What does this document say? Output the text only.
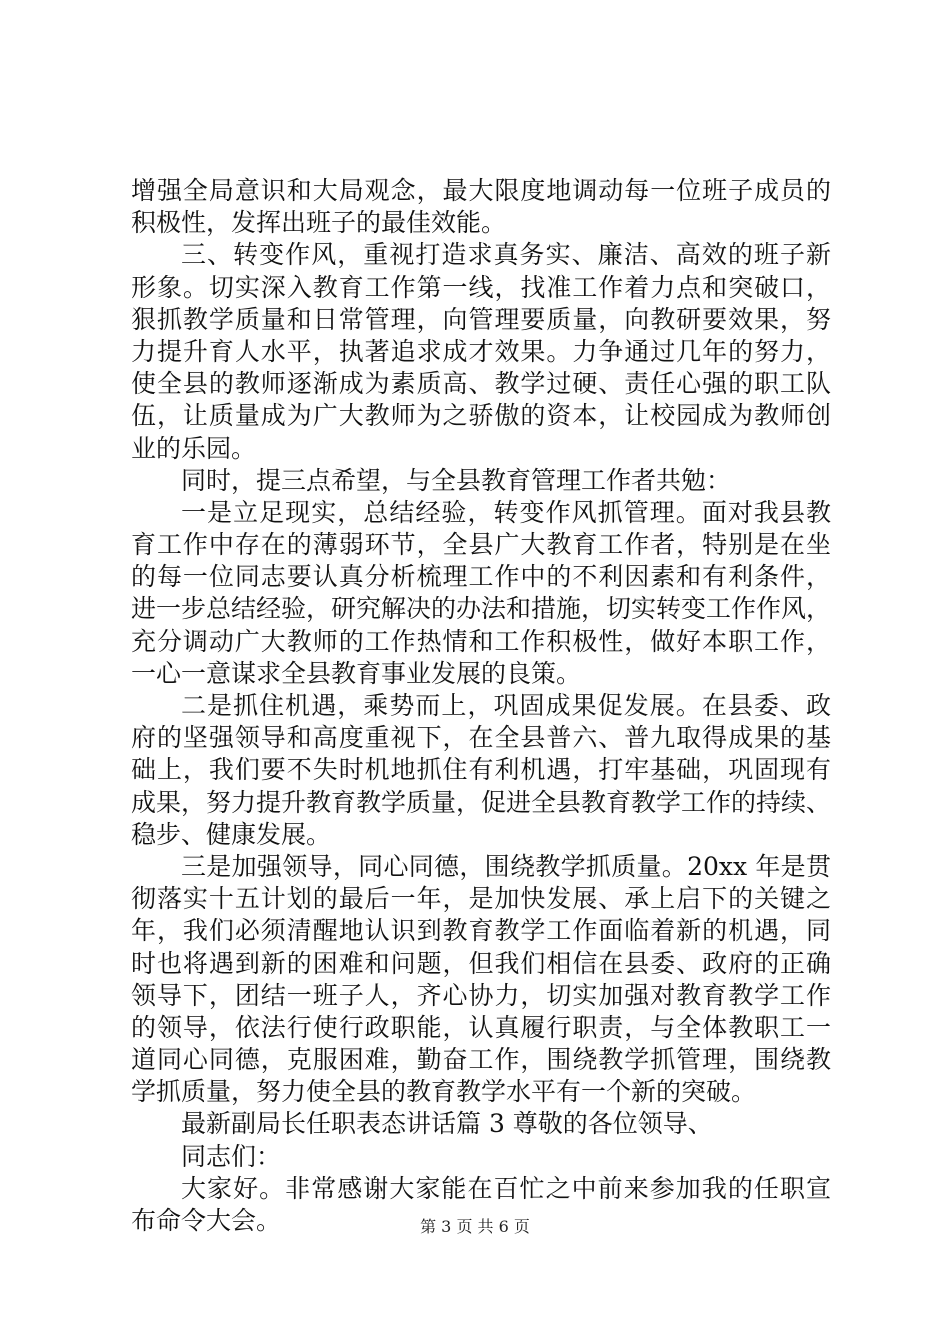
增强全局意识和大局观念，最大限度地调动每一位班子成员的
积极性，发挥出班子的最佳效能。
三、转变作风，重视打造求真务实、廉洁、高效的班子新
形象。切实深入教育工作第一线，找准工作着力点和突破口，
狠抓教学质量和日常管理，向管理要质量，向教研要效果，努
力提升育人水平，执著追求成才效果。力争通过几年的努力，
使全县的教师逐渐成为素质高、教学过硬、责任心强的职工队
伍，让质量成为广大教师为之骄傲的资本，让校园成为教师创
业的乐园。
同时，提三点希望，与全县教育管理工作者共勉：
一是立足现实，总结经验，转变作风抓管理。面对我县教
育工作中存在的薄弱环节，全县广大教育工作者，特别是在坐
的每一位同志要认真分析梳理工作中的不利因素和有利条件，
进一步总结经验，研究解决的办法和措施，切实转变工作作风，
充分调动广大教师的工作热情和工作积极性，做好本职工作，
一心一意谋求全县教育事业发展的良策。
二是抓住机遇，乘势而上，巩固成果促发展。在县委、政
府的坚强领导和高度重视下，在全县普六、普九取得成果的基
础上，我们要不失时机地抓住有利机遇，打牢基础，巩固现有
成果，努力提升教育教学质量，促进全县教育教学工作的持续、
稳步、健康发展。
三是加强领导，同心同德，围绕教学抓质量。20xx 年是贯
彻落实十五计划的最后一年，是加快发展、承上启下的关键之
年，我们必须清醒地认识到教育教学工作面临着新的机遇，同
时也将遇到新的困难和问题，但我们相信在县委、政府的正确
领导下，团结一班子人，齐心协力，切实加强对教育教学工作
的领导，依法行使行政职能，认真履行职责，与全体教职工一
道同心同德，克服困难，勤奋工作，围绕教学抓管理，围绕教
学抓质量，努力使全县的教育教学水平有一个新的突破。
最新副局长任职表态讲话篇 3 尊敬的各位领导、
同志们：
大家好。非常感谢大家能在百忙之中前来参加我的任职宣
布命令大会。	第 3 页 共 6 页
